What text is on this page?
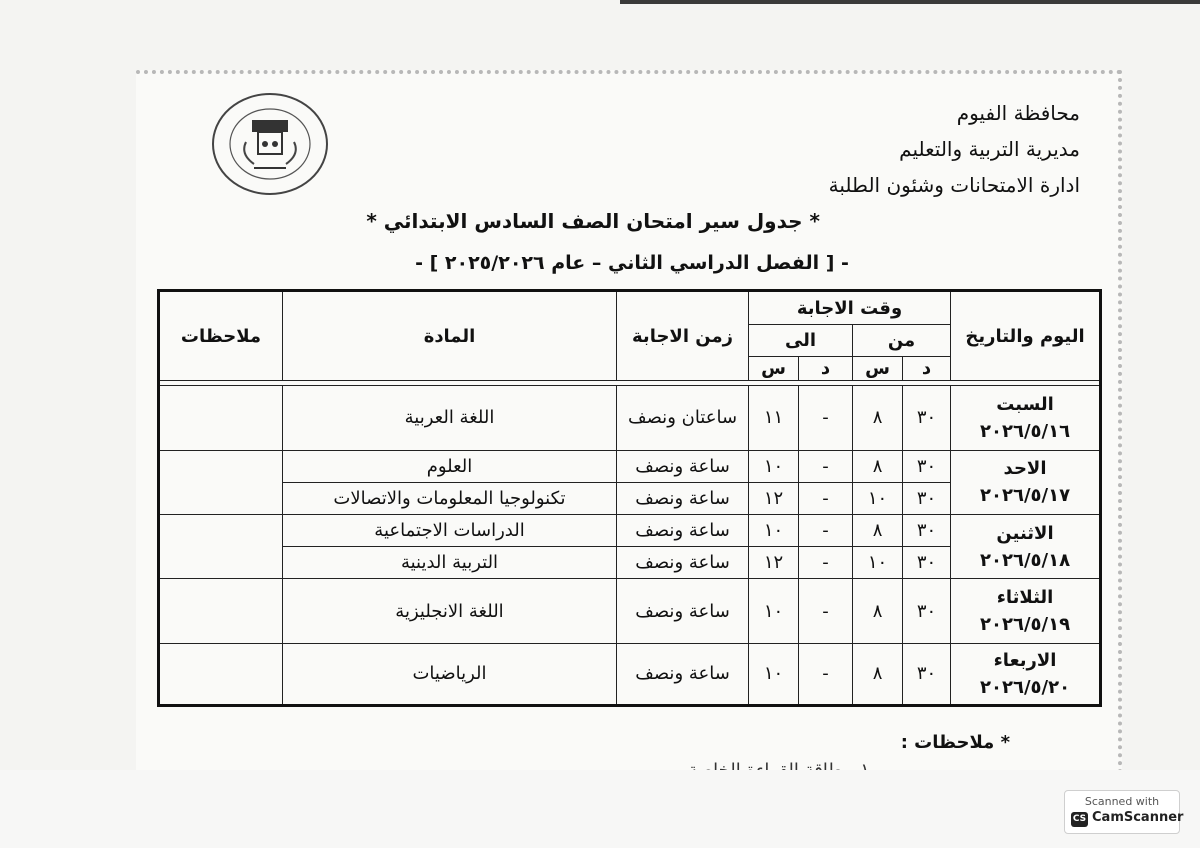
محافظة الفيوم
مديرية التربية والتعليم
ادارة الامتحانات وشئون الطلبة
* جدول سير امتحان الصف السادس الابتدائي *
- [ الفصل الدراسي الثاني – عام ٢٠٢٥/٢٠٢٦ ] -
اليوم والتاريخ	وقت الاجابة				زمن الاجابة	المادة	ملاحظات
	من		الى				
	د	س	د	س			

السبت
٢٠٢٦/٥/١٦	٣٠	٨	-	١١	ساعتان ونصف	اللغة العربية	
الاحد
٢٠٢٦/٥/١٧	٣٠	٨	-	١٠	ساعة ونصف	العلوم	
	٣٠	١٠	-	١٢	ساعة ونصف	تكنولوجيا المعلومات والاتصالات	
الاثنين
٢٠٢٦/٥/١٨	٣٠	٨	-	١٠	ساعة ونصف	الدراسات الاجتماعية	
	٣٠	١٠	-	١٢	ساعة ونصف	التربية الدينية	
الثلاثاء
٢٠٢٦/٥/١٩	٣٠	٨	-	١٠	ساعة ونصف	اللغة الانجليزية	
الاربعاء
٢٠٢٦/٥/٢٠	٣٠	٨	-	١٠	ساعة ونصف	الرياضيات	
* ملاحظات :
Scanned with
CS CamScanner
